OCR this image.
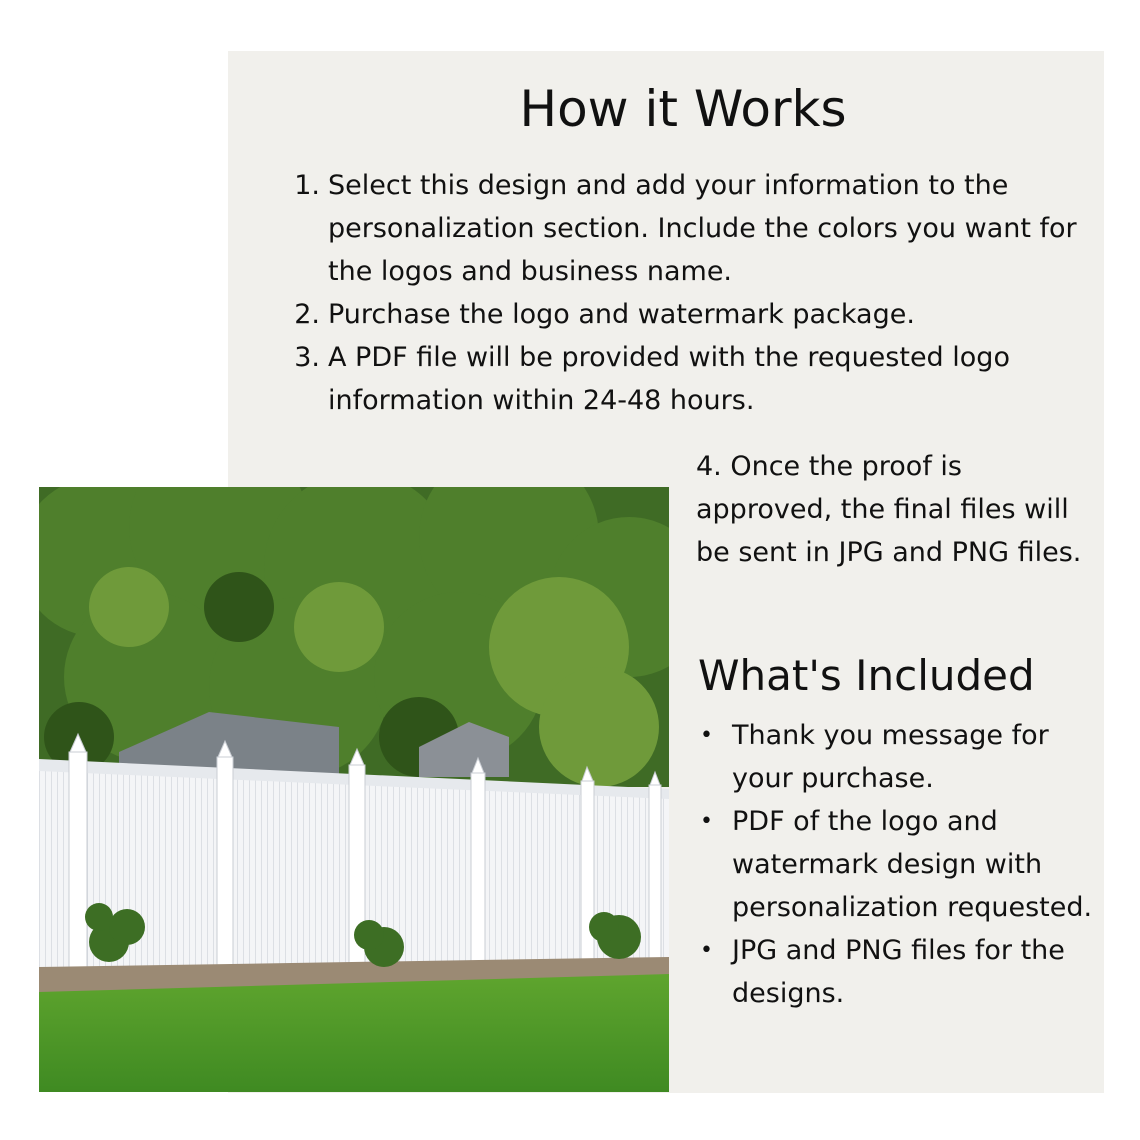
How it Works
1. Select this design and add your information to the personalization section. Include the colors you want for the logos and business name.
2. Purchase the logo and watermark package.
3. A PDF file will be provided with the requested logo information within 24-48 hours.

4. Once the proof is approved, the final files will be sent in JPG and PNG files.

What's Included
• Thank you message for your purchase.
• PDF of the logo and watermark design with personalization requested.
• JPG and PNG files for the designs.
